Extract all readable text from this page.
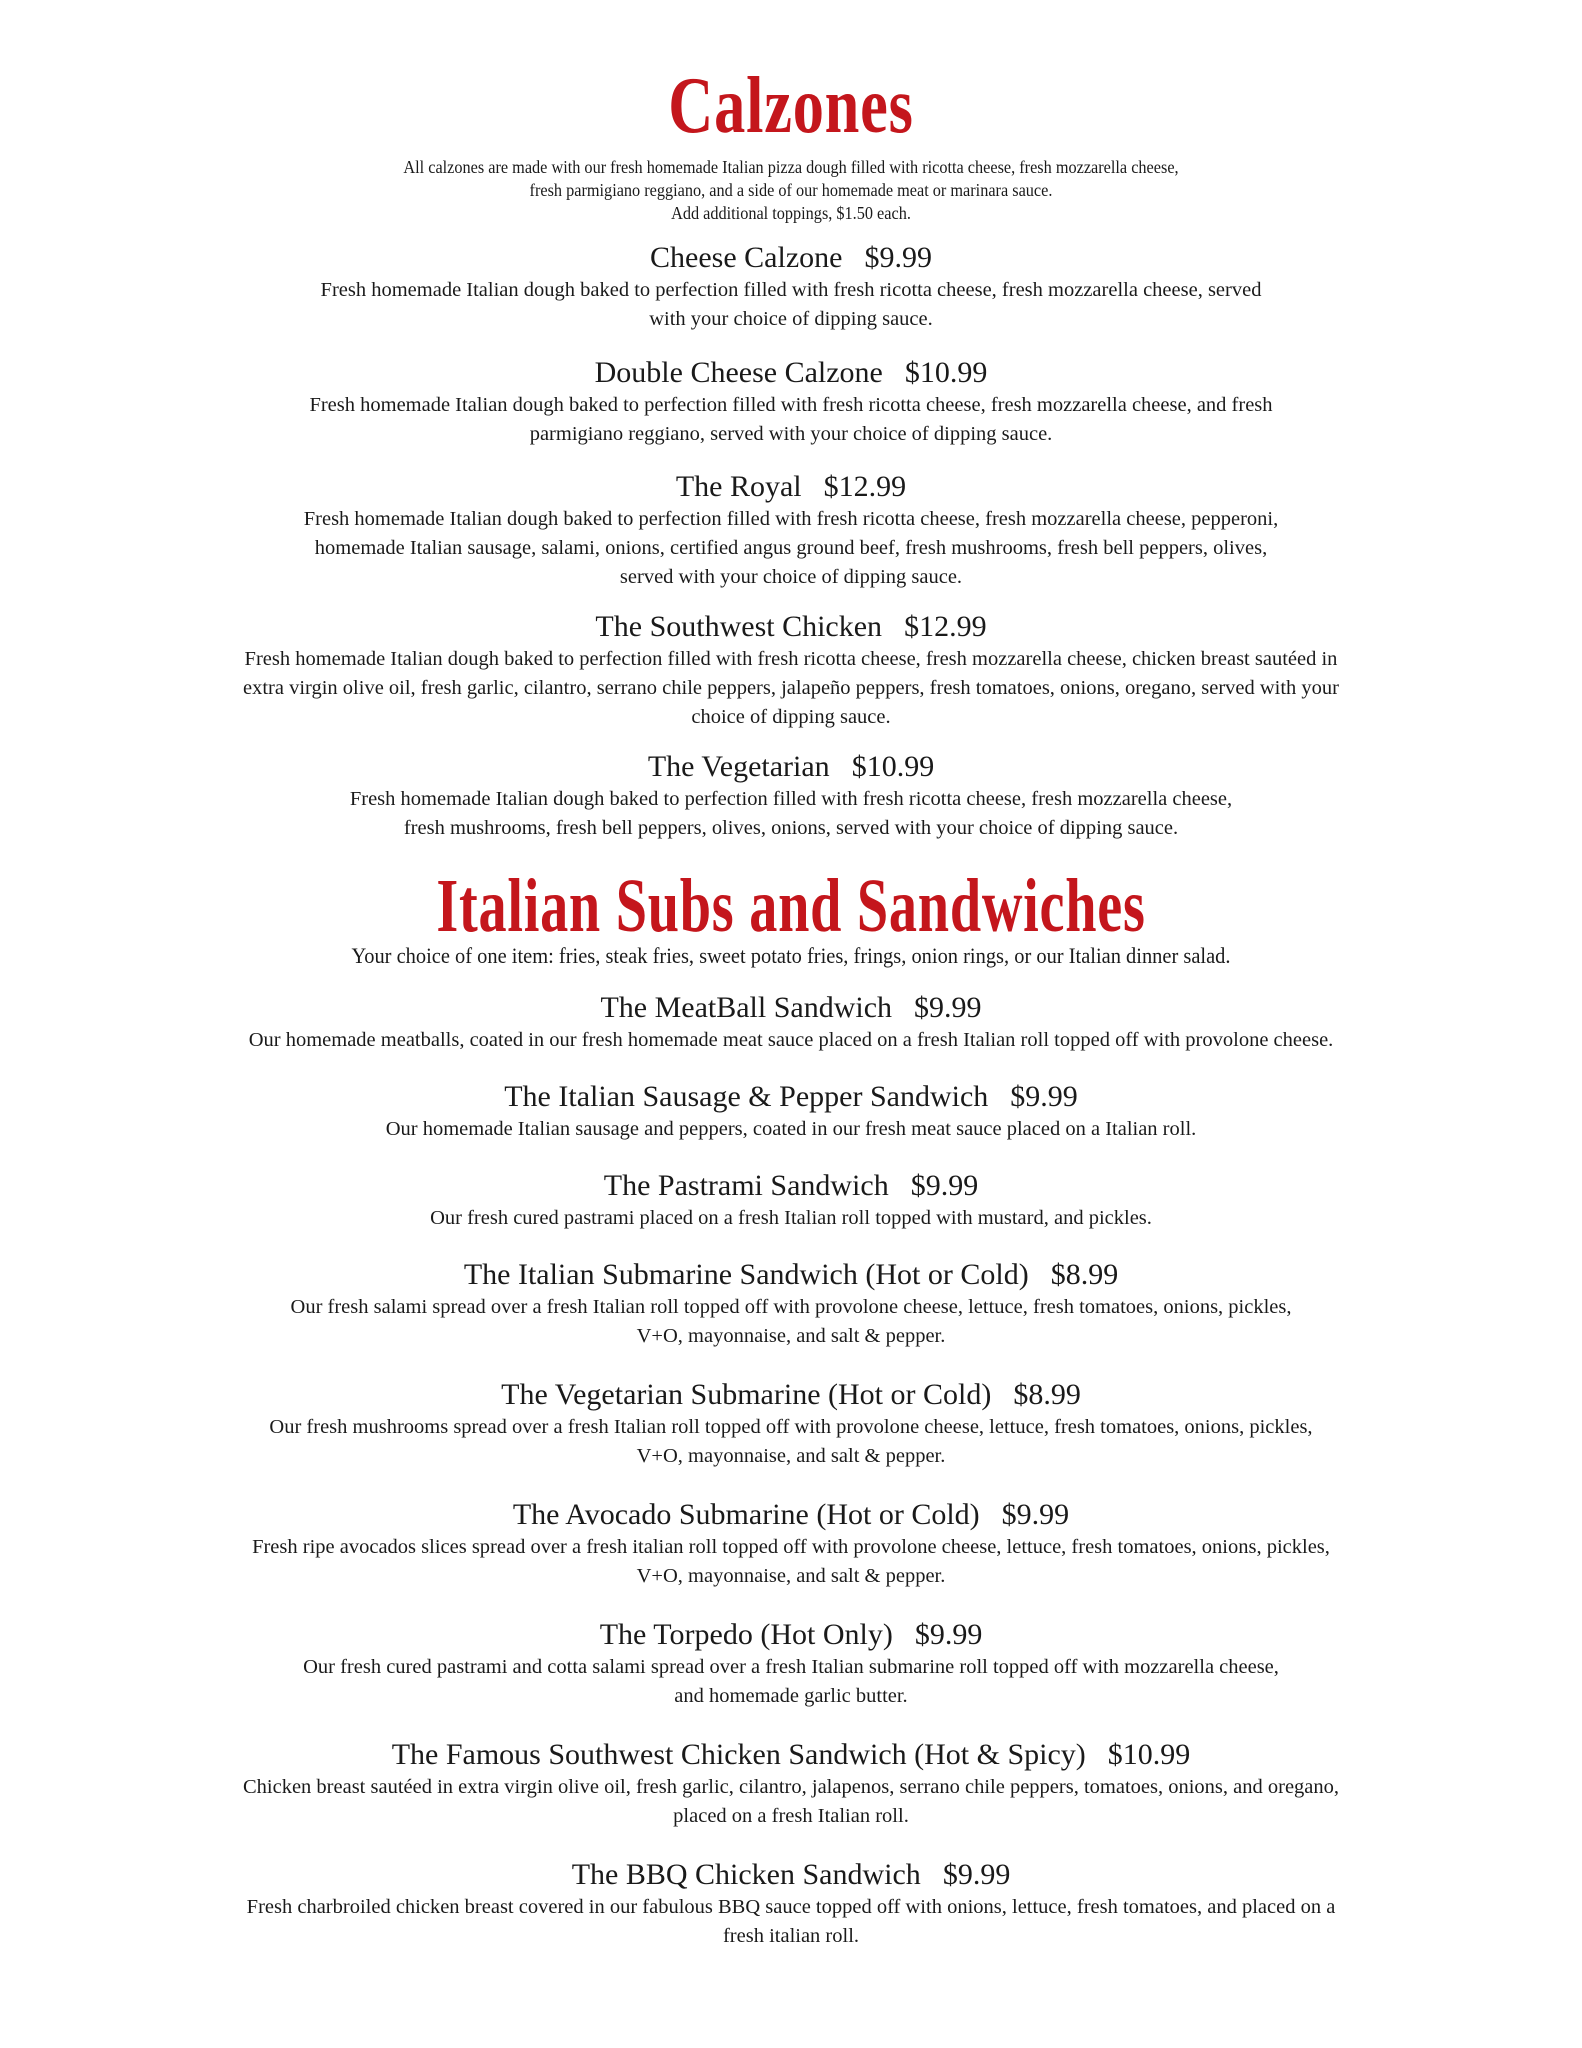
Calzones
All calzones are made with our fresh homemade Italian pizza dough filled with ricotta cheese, fresh mozzarella cheese,
fresh parmigiano reggiano, and a side of our homemade meat or marinara sauce.
Add additional toppings, $1.50 each.
Cheese Calzone $9.99
Fresh homemade Italian dough baked to perfection filled with fresh ricotta cheese, fresh mozzarella cheese, served
with your choice of dipping sauce.
Double Cheese Calzone $10.99
Fresh homemade Italian dough baked to perfection filled with fresh ricotta cheese, fresh mozzarella cheese, and fresh
parmigiano reggiano, served with your choice of dipping sauce.
The Royal $12.99
Fresh homemade Italian dough baked to perfection filled with fresh ricotta cheese, fresh mozzarella cheese, pepperoni,
homemade Italian sausage, salami, onions, certified angus ground beef, fresh mushrooms, fresh bell peppers, olives,
served with your choice of dipping sauce.
The Southwest Chicken $12.99
Fresh homemade Italian dough baked to perfection filled with fresh ricotta cheese, fresh mozzarella cheese, chicken breast sautéed in
extra virgin olive oil, fresh garlic, cilantro, serrano chile peppers, jalapeño peppers, fresh tomatoes, onions, oregano, served with your
choice of dipping sauce.
The Vegetarian $10.99
Fresh homemade Italian dough baked to perfection filled with fresh ricotta cheese, fresh mozzarella cheese,
fresh mushrooms, fresh bell peppers, olives, onions, served with your choice of dipping sauce.
Italian Subs and Sandwiches
Your choice of one item: fries, steak fries, sweet potato fries, frings, onion rings, or our Italian dinner salad.
The MeatBall Sandwich $9.99
Our homemade meatballs, coated in our fresh homemade meat sauce placed on a fresh Italian roll topped off with provolone cheese.
The Italian Sausage & Pepper Sandwich $9.99
Our homemade Italian sausage and peppers, coated in our fresh meat sauce placed on a Italian roll.
The Pastrami Sandwich $9.99
Our fresh cured pastrami placed on a fresh Italian roll topped with mustard, and pickles.
The Italian Submarine Sandwich (Hot or Cold) $8.99
Our fresh salami spread over a fresh Italian roll topped off with provolone cheese, lettuce, fresh tomatoes, onions, pickles,
V+O, mayonnaise, and salt & pepper.
The Vegetarian Submarine (Hot or Cold) $8.99
Our fresh mushrooms spread over a fresh Italian roll topped off with provolone cheese, lettuce, fresh tomatoes, onions, pickles,
V+O, mayonnaise, and salt & pepper.
The Avocado Submarine (Hot or Cold) $9.99
Fresh ripe avocados slices spread over a fresh italian roll topped off with provolone cheese, lettuce, fresh tomatoes, onions, pickles,
V+O, mayonnaise, and salt & pepper.
The Torpedo (Hot Only) $9.99
Our fresh cured pastrami and cotta salami spread over a fresh Italian submarine roll topped off with mozzarella cheese,
and homemade garlic butter.
The Famous Southwest Chicken Sandwich (Hot & Spicy) $10.99
Chicken breast sautéed in extra virgin olive oil, fresh garlic, cilantro, jalapenos, serrano chile peppers, tomatoes, onions, and oregano,
placed on a fresh Italian roll.
The BBQ Chicken Sandwich $9.99
Fresh charbroiled chicken breast covered in our fabulous BBQ sauce topped off with onions, lettuce, fresh tomatoes, and placed on a
fresh italian roll.
